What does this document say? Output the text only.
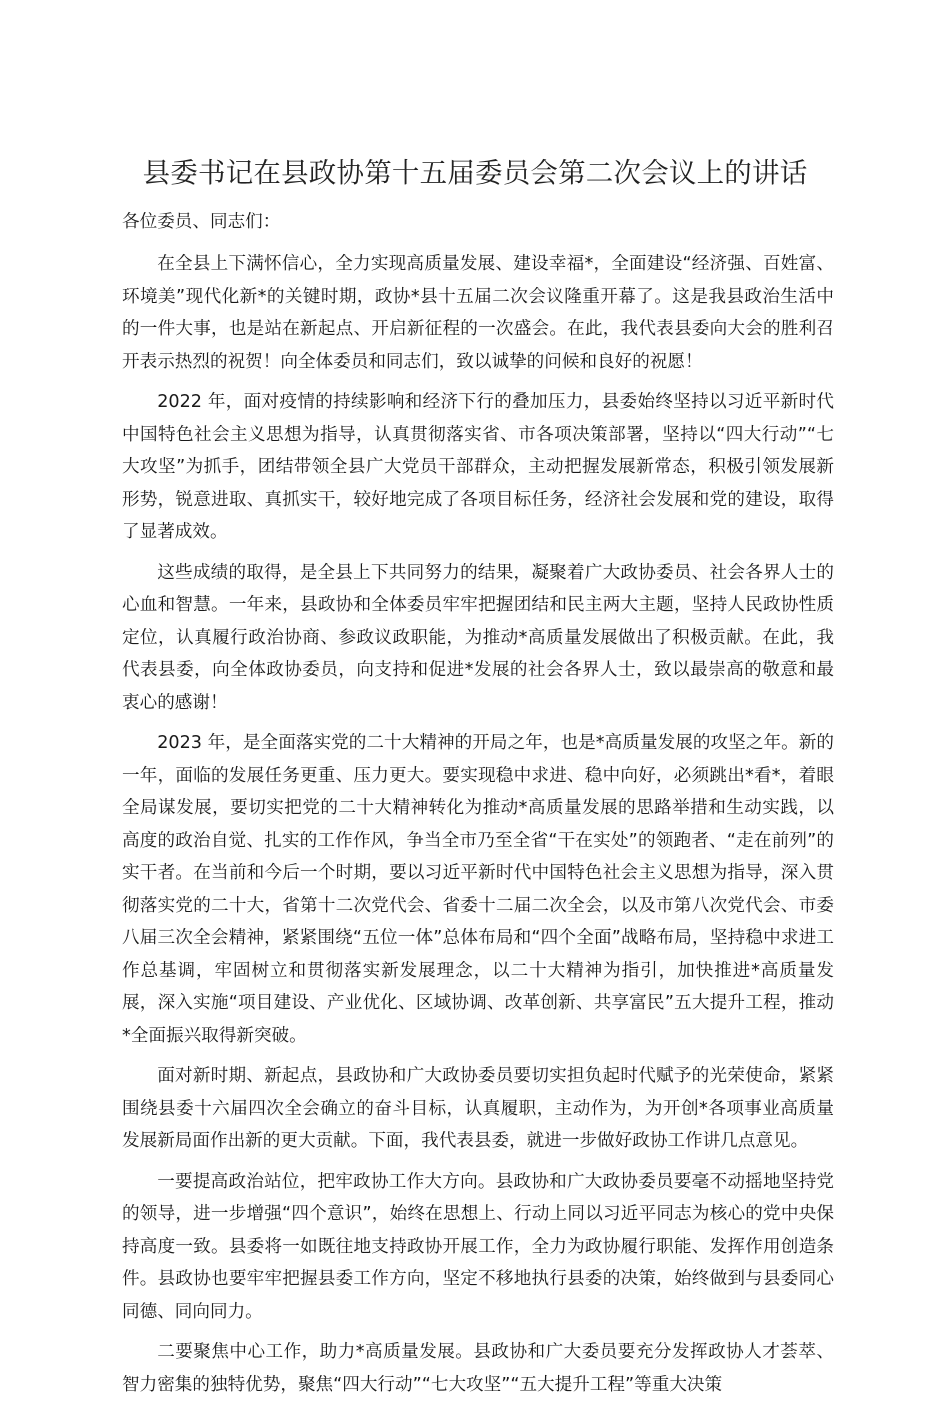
县委书记在县政协第十五届委员会第二次会议上的讲话
各位委员、同志们：

在全县上下满怀信心，全力实现高质量发展、建设幸福*，全面建设“经济强、百姓富、环境美”现代化新*的关键时期，政协*县十五届二次会议隆重开幕了。这是我县政治生活中的一件大事，也是站在新起点、开启新征程的一次盛会。在此，我代表县委向大会的胜利召开表示热烈的祝贺！向全体委员和同志们，致以诚挚的问候和良好的祝愿！

2022 年，面对疫情的持续影响和经济下行的叠加压力，县委始终坚持以习近平新时代中国特色社会主义思想为指导，认真贯彻落实省、市各项决策部署，坚持以“四大行动”“七大攻坚”为抓手，团结带领全县广大党员干部群众，主动把握发展新常态，积极引领发展新形势，锐意进取、真抓实干，较好地完成了各项目标任务，经济社会发展和党的建设，取得了显著成效。

这些成绩的取得，是全县上下共同努力的结果，凝聚着广大政协委员、社会各界人士的心血和智慧。一年来，县政协和全体委员牢牢把握团结和民主两大主题，坚持人民政协性质定位，认真履行政治协商、参政议政职能，为推动*高质量发展做出了积极贡献。在此，我代表县委，向全体政协委员，向支持和促进*发展的社会各界人士，致以最崇高的敬意和最衷心的感谢！

2023 年，是全面落实党的二十大精神的开局之年，也是*高质量发展的攻坚之年。新的一年，面临的发展任务更重、压力更大。要实现稳中求进、稳中向好，必须跳出*看*，着眼全局谋发展，要切实把党的二十大精神转化为推动*高质量发展的思路举措和生动实践，以高度的政治自觉、扎实的工作作风，争当全市乃至全省“干在实处”的领跑者、“走在前列”的实干者。在当前和今后一个时期，要以习近平新时代中国特色社会主义思想为指导，深入贯彻落实党的二十大，省第十二次党代会、省委十二届二次全会，以及市第八次党代会、市委八届三次全会精神，紧紧围绕“五位一体”总体布局和“四个全面”战略布局，坚持稳中求进工作总基调，牢固树立和贯彻落实新发展理念，以二十大精神为指引，加快推进*高质量发展，深入实施“项目建设、产业优化、区域协调、改革创新、共享富民”五大提升工程，推动*全面振兴取得新突破。

面对新时期、新起点，县政协和广大政协委员要切实担负起时代赋予的光荣使命，紧紧围绕县委十六届四次全会确立的奋斗目标，认真履职，主动作为，为开创*各项事业高质量发展新局面作出新的更大贡献。下面，我代表县委，就进一步做好政协工作讲几点意见。

一要提高政治站位，把牢政协工作大方向。县政协和广大政协委员要毫不动摇地坚持党的领导，进一步增强“四个意识”，始终在思想上、行动上同以习近平同志为核心的党中央保持高度一致。县委将一如既往地支持政协开展工作，全力为政协履行职能、发挥作用创造条件。县政协也要牢牢把握县委工作方向，坚定不移地执行县委的决策，始终做到与县委同心同德、同向同力。

二要聚焦中心工作，助力*高质量发展。县政协和广大委员要充分发挥政协人才荟萃、智力密集的独特优势，聚焦“四大行动”“七大攻坚”“五大提升工程”等重大决策
